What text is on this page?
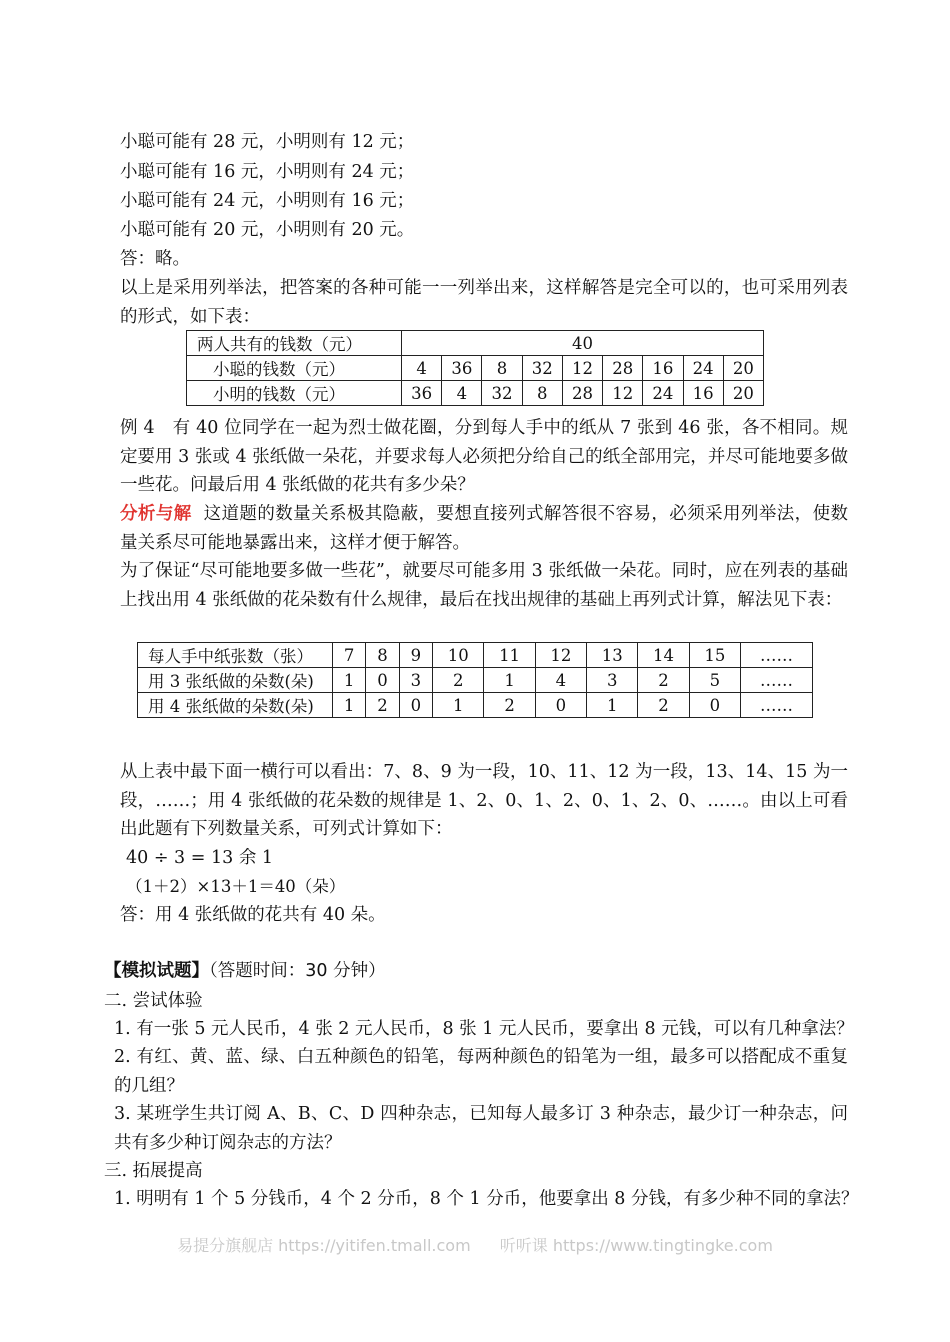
小聪可能有 28 元，小明则有 12 元；
小聪可能有 16 元，小明则有 24 元；
小聪可能有 24 元，小明则有 16 元；
小聪可能有 20 元，小明则有 20 元。
答：略。
以上是采用列举法，把答案的各种可能一一列举出来，这样解答是完全可以的，也可采用列表的形式，如下表：
两人共有的钱数（元）	40								
小聪的钱数（元）	4	36	8	32	12	28	16	24	20
小明的钱数（元）	36	4	32	8	28	12	24	16	20
例 4　有 40 位同学在一起为烈士做花圈，分到每人手中的纸从 7 张到 46 张，各不相同。规定要用 3 张或 4 张纸做一朵花，并要求每人必须把分给自己的纸全部用完，并尽可能地要多做一些花。问最后用 4 张纸做的花共有多少朵？
分析与解 这道题的数量关系极其隐蔽，要想直接列式解答很不容易，必须采用列举法，使数量关系尽可能地暴露出来，这样才便于解答。
为了保证“尽可能地要多做一些花”，就要尽可能多用 3 张纸做一朵花。同时，应在列表的基础上找出用 4 张纸做的花朵数有什么规律，最后在找出规律的基础上再列式计算，解法见下表：
每人手中纸张数（张）	7	8	9	10	11	12	13	14	15	……
用 3 张纸做的朵数(朵)	1	0	3	2	1	4	3	2	5	……
用 4 张纸做的朵数(朵)	1	2	0	1	2	0	1	2	0	……
从上表中最下面一横行可以看出：7、8、9 为一段，10、11、12 为一段，13、14、15 为一段，……；用 4 张纸做的花朵数的规律是 1、2、0、1、2、0、1、2、0、……。由以上可看出此题有下列数量关系，可列式计算如下：
40 ÷ 3 = 13 余 1
（1＋2）×13＋1＝40（朵）
答：用 4 张纸做的花共有 40 朵。
【模拟试题】（答题时间：30 分钟）
二. 尝试体验
1. 有一张 5 元人民币，4 张 2 元人民币，8 张 1 元人民币，要拿出 8 元钱，可以有几种拿法？
2. 有红、黄、蓝、绿、白五种颜色的铅笔，每两种颜色的铅笔为一组，最多可以搭配成不重复的几组？
3. 某班学生共订阅 A、B、C、D 四种杂志，已知每人最多订 3 种杂志，最少订一种杂志，问共有多少种订阅杂志的方法？
三. 拓展提高
1. 明明有 1 个 5 分钱币，4 个 2 分币，8 个 1 分币，他要拿出 8 分钱，有多少种不同的拿法？
易提分旗舰店 https://yitifen.tmall.com 听听课 https://www.tingtingke.com
